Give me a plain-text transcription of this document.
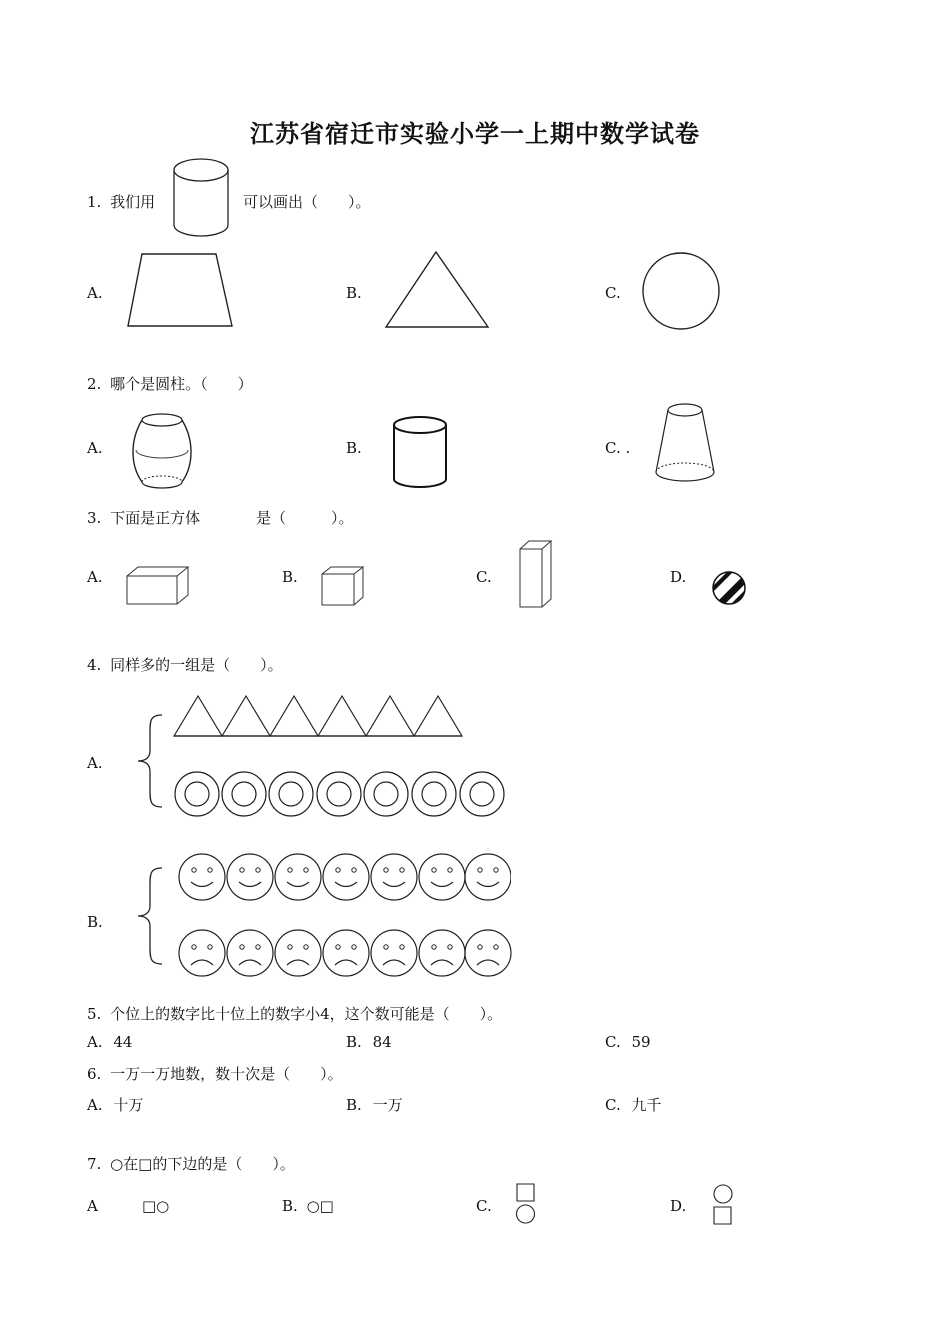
江苏省宿迁市实验小学一上期中数学试卷
1. 我们用	可以画出（　　）。
A.	B.	C.
2. 哪个是圆柱。（　　）
A.	B.	C. .
3. 下面是正方体	是（　　　）。
A.	B.	C.	D.
4. 同样多的一组是（　　）。
A.
B.
5. 个位上的数字比十位上的数字小4，这个数可能是（　　）。
A. 44	B. 84	C. 59
6. 一万一万地数，数十次是（　　）。
A. 十万	B. 一万	C. 九千
7. ○在□的下边的是（　　）。
A	□○	B. ○□	C.	D.
